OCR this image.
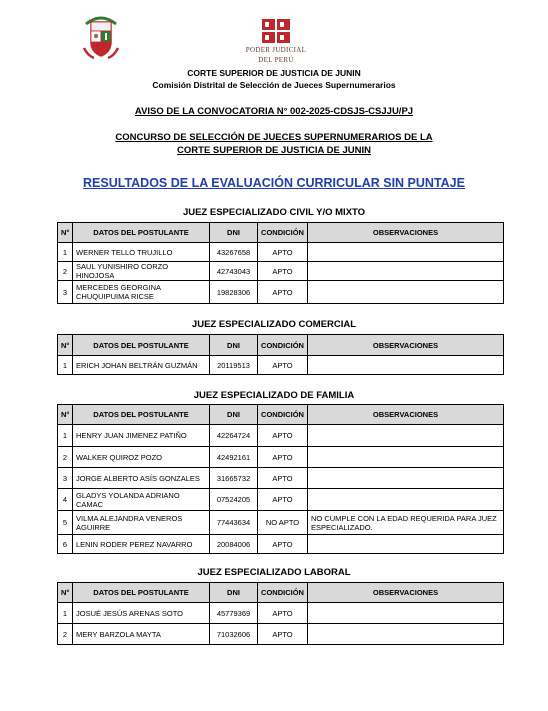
PODER JUDICIAL
DEL PERÚ
CORTE SUPERIOR DE JUSTICIA DE JUNIN
Comisión Distrital de Selección de Jueces Supernumerarios
AVISO DE LA CONVOCATORIA N° 002-2025-CDSJS-CSJJU/PJ
CONCURSO DE SELECCIÓN DE JUECES SUPERNUMERARIOS DE LA CORTE SUPERIOR DE JUSTICIA DE JUNIN
RESULTADOS DE LA EVALUACIÓN CURRICULAR SIN PUNTAJE
JUEZ ESPECIALIZADO CIVIL Y/O MIXTO
N°	DATOS DEL POSTULANTE	DNI	CONDICIÓN	OBSERVACIONES
1	WERNER TELLO TRUJILLO	43267658	APTO	
2	SAUL YUNISHIRO CORZO HINOJOSA	42743043	APTO	
3	MERCEDES GEORGINA CHUQUIPUIMA RICSE	19828306	APTO	
JUEZ ESPECIALIZADO COMERCIAL
N°	DATOS DEL POSTULANTE	DNI	CONDICIÓN	OBSERVACIONES
1	ERICH JOHAN BELTRÁN GUZMÁN	20119513	APTO	
JUEZ ESPECIALIZADO DE FAMILIA
N°	DATOS DEL POSTULANTE	DNI	CONDICIÓN	OBSERVACIONES
1	HENRY JUAN JIMENEZ PATIÑO	42264724	APTO	
2	WALKER QUIROZ POZO	42492161	APTO	
3	JORGE ALBERTO ASÍS GONZALES	31665732	APTO	
4	GLADYS YOLANDA ADRIANO CAMAC	07524205	APTO	
5	VILMA ALEJANDRA VENEROS AGUIRRE	77443634	NO APTO	NO CUMPLE CON LA EDAD REQUERIDA PARA JUEZ ESPECIALIZADO.
6	LENIN RODER PEREZ NAVARRO	20084006	APTO	
JUEZ ESPECIALIZADO LABORAL
N°	DATOS DEL POSTULANTE	DNI	CONDICIÓN	OBSERVACIONES
1	JOSUÉ JESÚS ARENAS SOTO	45779369	APTO	
2	MERY BARZOLA MAYTA	71032606	APTO	
